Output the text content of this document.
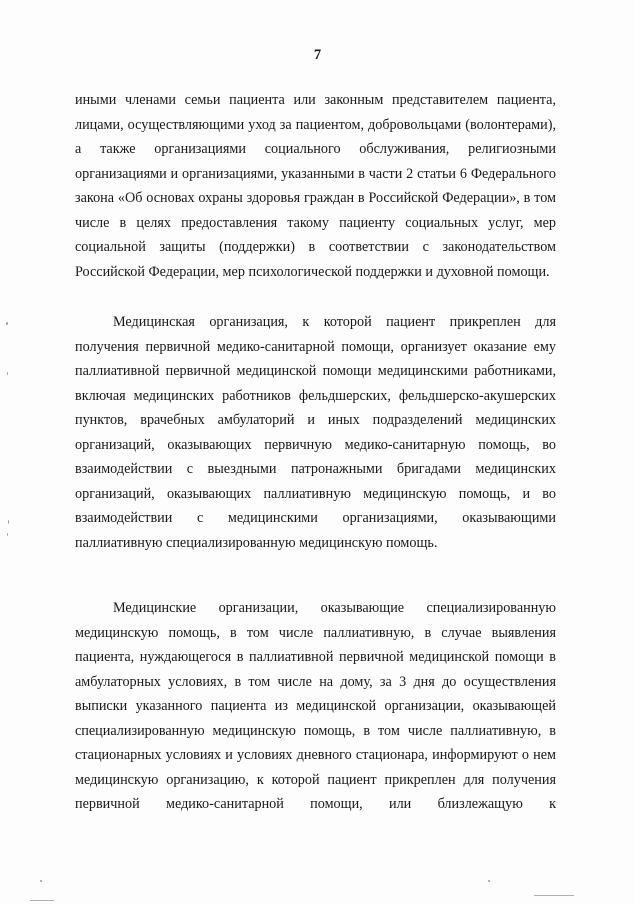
7

иными членами семьи пациента или законным представителем пациента, лицами, осуществляющими уход за пациентом, добровольцами (волонтерами), а также организациями социального обслуживания, религиозными организациями и организациями, указанными в части 2 статьи 6 Федерального закона «Об основах охраны здоровья граждан в Российской Федерации», в том числе в целях предоставления такому пациенту социальных услуг, мер социальной защиты (поддержки) в соответствии с законодательством Российской Федерации, мер психологической поддержки и духовной помощи.

Медицинская организация, к которой пациент прикреплен для получения первичной медико-санитарной помощи, организует оказание ему паллиативной первичной медицинской помощи медицинскими работниками, включая медицинских работников фельдшерских, фельдшерско-акушерских пунктов, врачебных амбулаторий и иных подразделений медицинских организаций, оказывающих первичную медико-санитарную помощь, во взаимодействии с выездными патронажными бригадами медицинских организаций, оказывающих паллиативную медицинскую помощь, и во взаимодействии с медицинскими организациями, оказывающими паллиативную специализированную медицинскую помощь.

Медицинские организации, оказывающие специализированную медицинскую помощь, в том числе паллиативную, в случае выявления пациента, нуждающегося в паллиативной первичной медицинской помощи в амбулаторных условиях, в том числе на дому, за 3 дня до осуществления выписки указанного пациента из медицинской организации, оказывающей специализированную медицинскую помощь, в том числе паллиативную, в стационарных условиях и условиях дневного стационара, информируют о нем медицинскую организацию, к которой пациент прикреплен для получения первичной медико-санитарной помощи, или близлежащую к
